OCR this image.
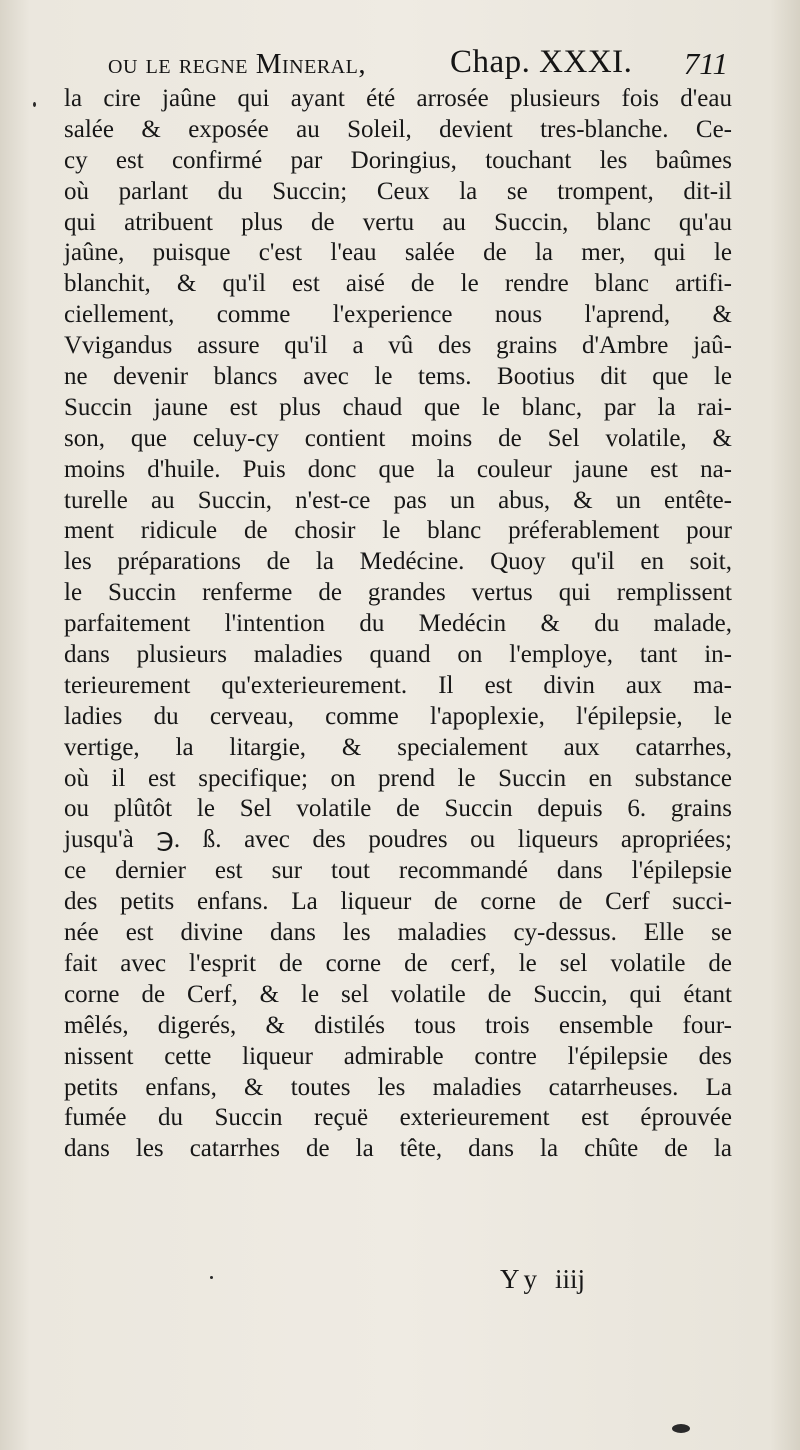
ou le regne Mineral,	Chap. XXXI. 711
la cire jaûne qui ayant été arrosée plusieurs fois d'eau
salée & exposée au Soleil, devient tres-blanche. Ce-
cy est confirmé par Doringius, touchant les baûmes
où parlant du Succin; Ceux la se trompent, dit-il
qui atribuent plus de vertu au Succin, blanc qu'au
jaûne, puisque c'est l'eau salée de la mer, qui le
blanchit, & qu'il est aisé de le rendre blanc artifi-
ciellement, comme l'experience nous l'aprend, &
Vvigandus assure qu'il a vû des grains d'Ambre jaû-
ne devenir blancs avec le tems. Bootius dit que le
Succin jaune est plus chaud que le blanc, par la rai-
son, que celuy-cy contient moins de Sel volatile, &
moins d'huile. Puis donc que la couleur jaune est na-
turelle au Succin, n'est-ce pas un abus, & un entête-
ment ridicule de chosir le blanc préferablement pour
les préparations de la Medécine. Quoy qu'il en soit,
le Succin renferme de grandes vertus qui remplissent
parfaitement l'intention du Medécin & du malade,
dans plusieurs maladies quand on l'employe, tant in-
terieurement qu'exterieurement. Il est divin aux ma-
ladies du cerveau, comme l'apoplexie, l'épilepsie, le
vertige, la litargie, & specialement aux catarrhes,
où il est specifique; on prend le Succin en substance
ou plûtôt le Sel volatile de Succin depuis 6. grains
jusqu'à ℈. ß. avec des poudres ou liqueurs apropriées;
ce dernier est sur tout recommandé dans l'épilepsie
des petits enfans. La liqueur de corne de Cerf succi-
née est divine dans les maladies cy-dessus. Elle se
fait avec l'esprit de corne de cerf, le sel volatile de
corne de Cerf, & le sel volatile de Succin, qui étant
mêlés, digerés, & distilés tous trois ensemble four-
nissent cette liqueur admirable contre l'épilepsie des
petits enfans, & toutes les maladies catarrheuses. La
fumée du Succin reçuë exterieurement est éprouvée
dans les catarrhes de la tête, dans la chûte de la
Yy iiij
